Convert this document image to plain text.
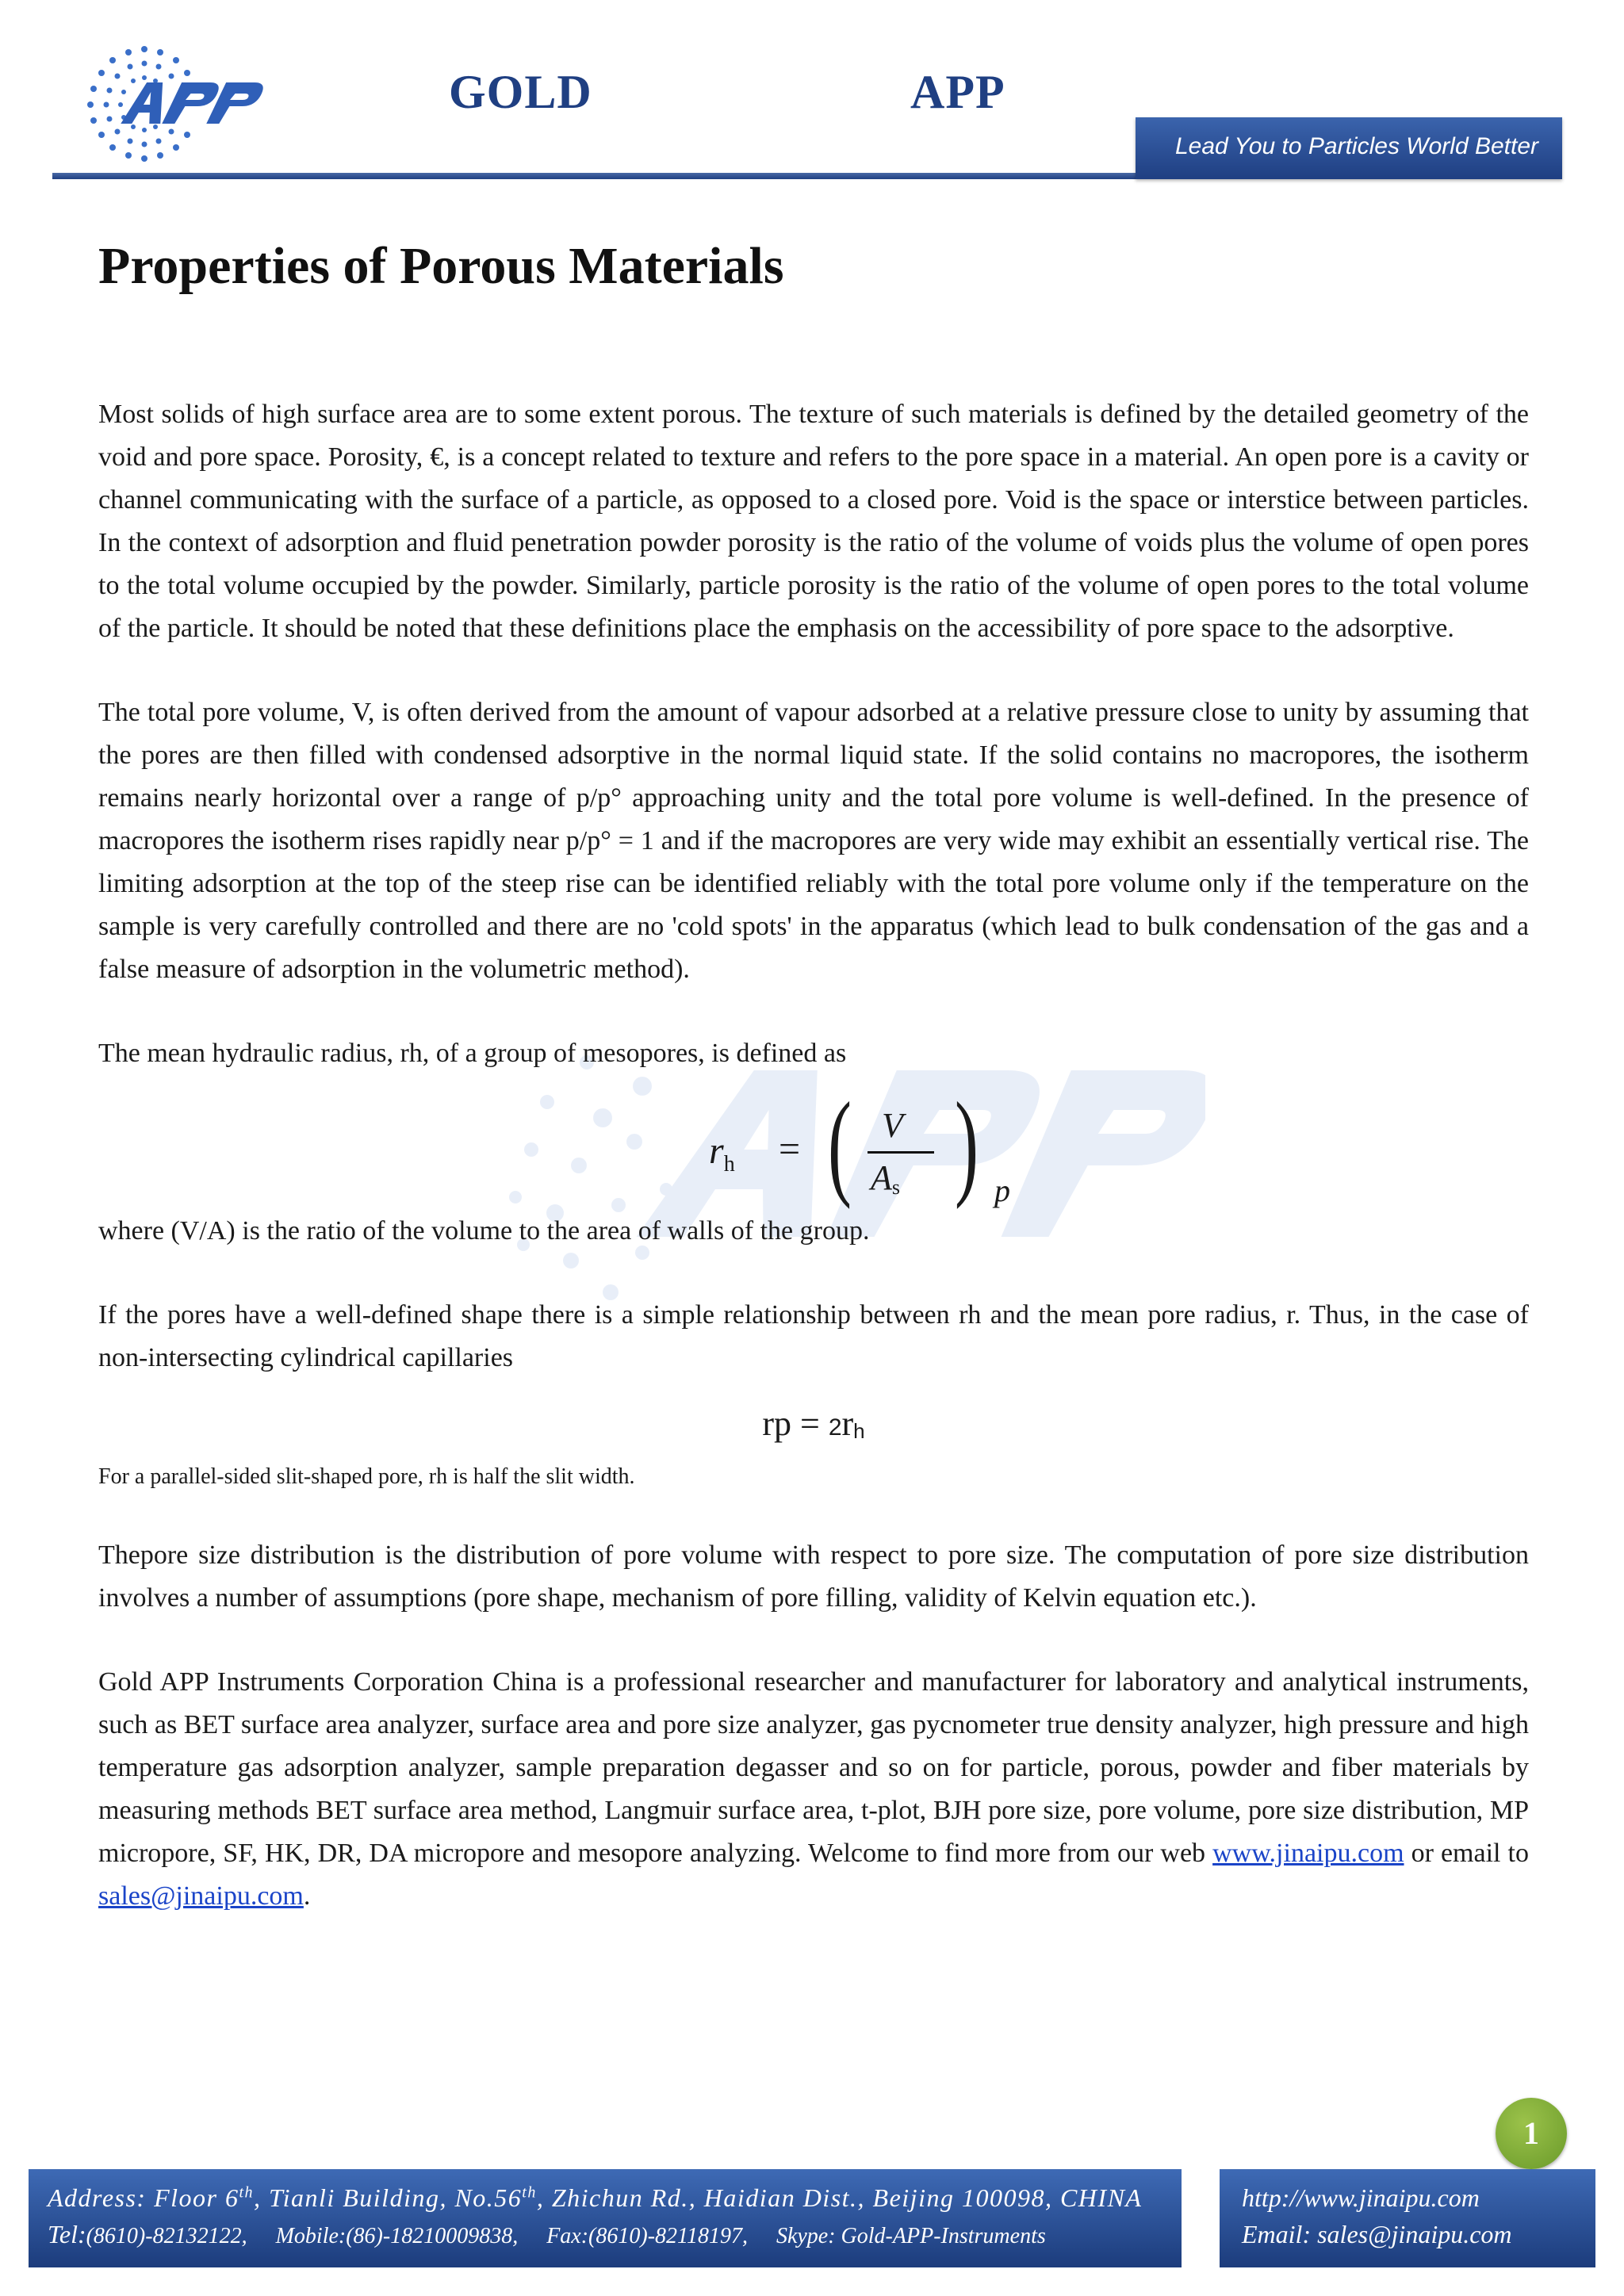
GOLD	APP
Lead You to Particles World Better
Properties of Porous Materials

Most solids of high surface area are to some extent porous. The texture of such materials is defined by the detailed geometry of the void and pore space. Porosity, €, is a concept related to texture and refers to the pore space in a material. An open pore is a cavity or channel communicating with the surface of a particle, as opposed to a closed pore. Void is the space or interstice between particles. In the context of adsorption and fluid penetration powder porosity is the ratio of the volume of voids plus the volume of open pores to the total volume occupied by the powder. Similarly, particle porosity is the ratio of the volume of open pores to the total volume of the particle. It should be noted that these definitions place the emphasis on the accessibility of pore space to the adsorptive.

The total pore volume, V, is often derived from the amount of vapour adsorbed at a relative pressure close to unity by assuming that the pores are then filled with condensed adsorptive in the normal liquid state. If the solid contains no macropores, the isotherm remains nearly horizontal over a range of p/p° approaching unity and the total pore volume is well-defined. In the presence of macropores the isotherm rises rapidly near p/p° = 1 and if the macropores are very wide may exhibit an essentially vertical rise. The limiting adsorption at the top of the steep rise can be identified reliably with the total pore volume only if the temperature on the sample is very carefully controlled and there are no 'cold spots' in the apparatus (which lead to bulk condensation of the gas and a false measure of adsorption in the volumetric method).

The mean hydraulic radius, rh, of a group of mesopores, is defined as

$r_h$ = ( V
As ) p

where (V/A) is the ratio of the volume to the area of walls of the group.

If the pores have a well-defined shape there is a simple relationship between rh and the mean pore radius, r. Thus, in the case of non-intersecting cylindrical capillaries

rp = 2rh

For a parallel-sided slit-shaped pore, rh is half the slit width.

Thepore size distribution is the distribution of pore volume with respect to pore size. The computation of pore size distribution involves a number of assumptions (pore shape, mechanism of pore filling, validity of Kelvin equation etc.).

Gold APP Instruments Corporation China is a professional researcher and manufacturer for laboratory and analytical instruments, such as BET surface area analyzer, surface area and pore size analyzer, gas pycnometer true density analyzer, high pressure and high temperature gas adsorption analyzer, sample preparation degasser and so on for particle, porous, powder and fiber materials by measuring methods BET surface area method, Langmuir surface area, t-plot, BJH pore size, pore volume, pore size distribution, MP micropore, SF, HK, DR, DA micropore and mesopore analyzing. Welcome to find more from our web www.jinaipu.com or email to sales@jinaipu.com.

1
Address: Floor 6th, Tianli Building, No.56th, Zhichun Rd., Haidian Dist., Beijing 100098, CHINA
Tel:(8610)-82132122, Mobile:(86)-18210009838, Fax:(8610)-82118197, Skype: Gold-APP-Instruments
http://www.jinaipu.com
Email: sales@jinaipu.com
